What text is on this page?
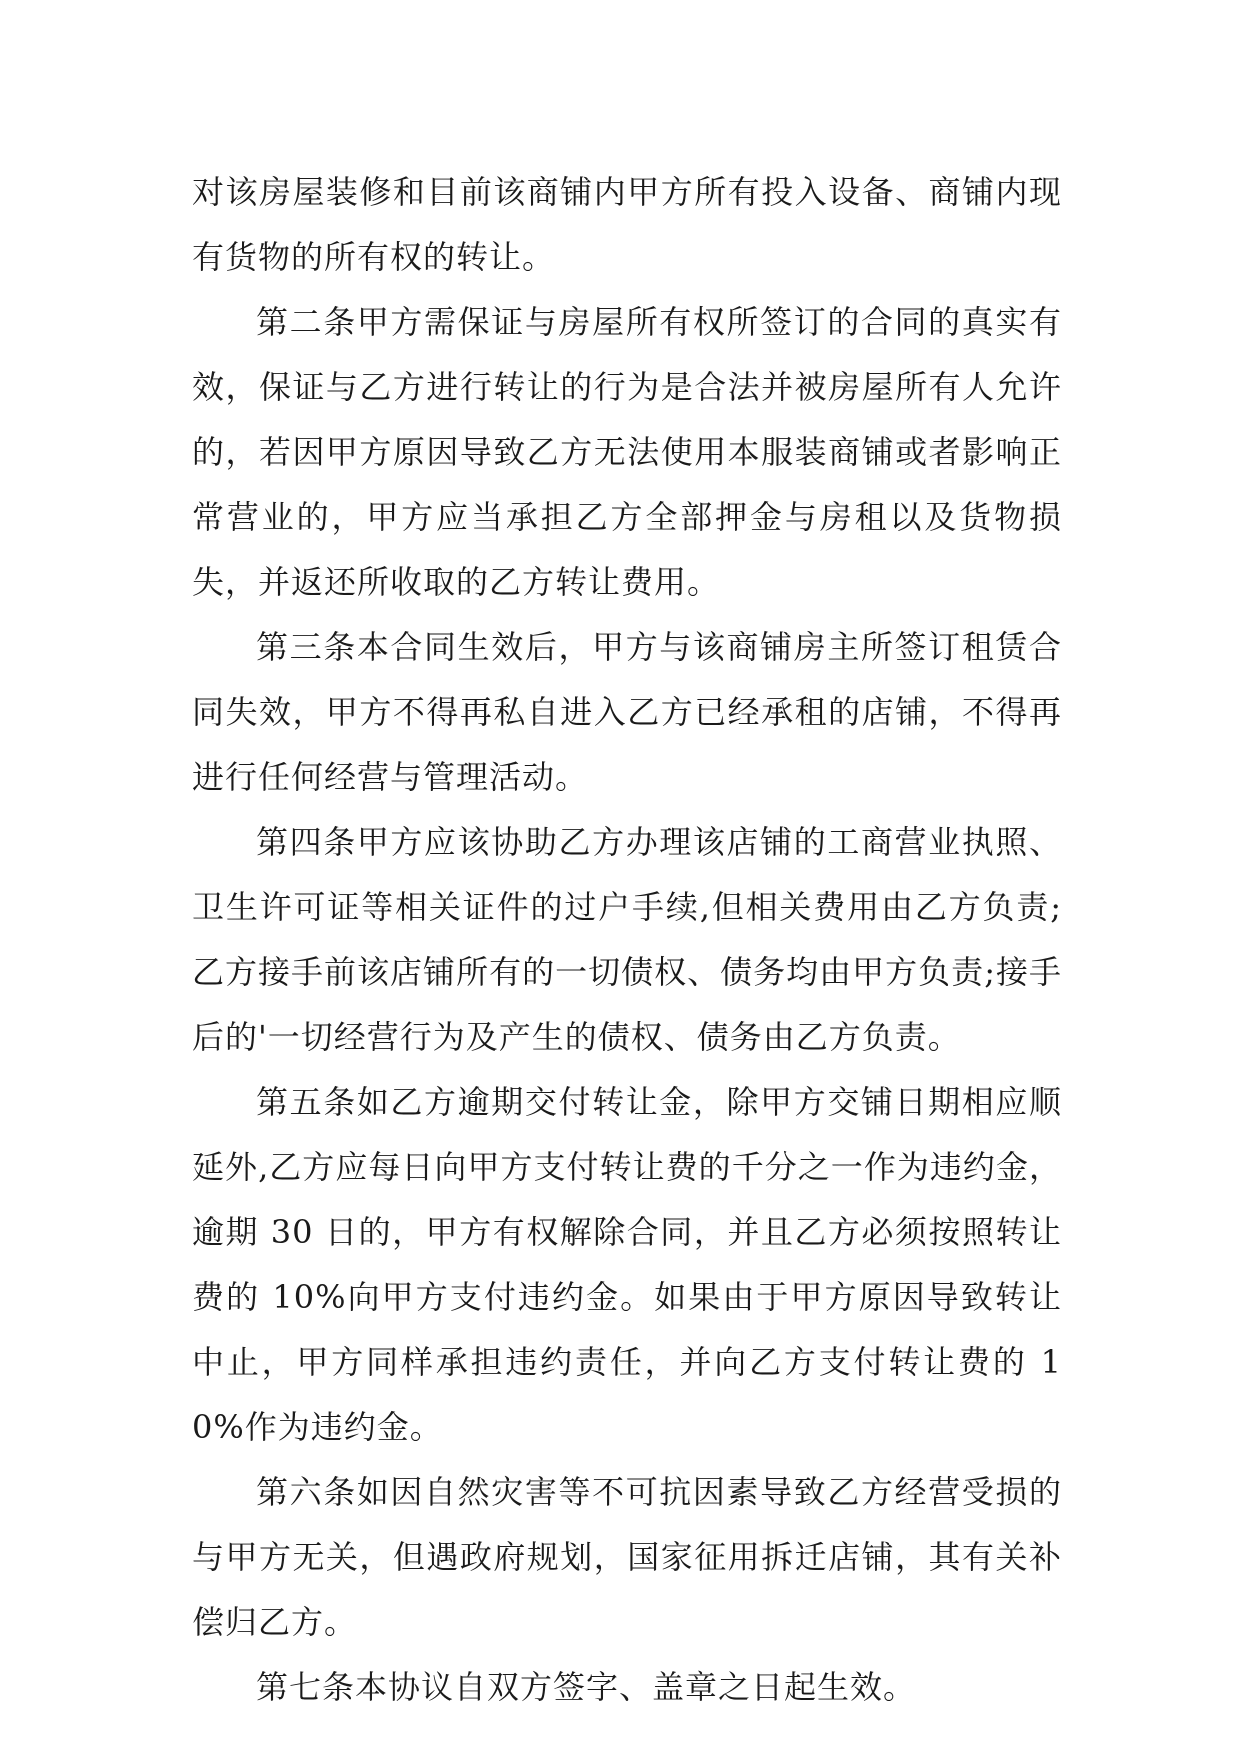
对该房屋装修和目前该商铺内甲方所有投入设备、商铺内现有货物的所有权的转让。

第二条甲方需保证与房屋所有权所签订的合同的真实有效，保证与乙方进行转让的行为是合法并被房屋所有人允许的，若因甲方原因导致乙方无法使用本服装商铺或者影响正常营业的，甲方应当承担乙方全部押金与房租以及货物损失，并返还所收取的乙方转让费用。

第三条本合同生效后，甲方与该商铺房主所签订租赁合同失效，甲方不得再私自进入乙方已经承租的店铺，不得再进行任何经营与管理活动。

第四条甲方应该协助乙方办理该店铺的工商营业执照、卫生许可证等相关证件的过户手续,但相关费用由乙方负责;乙方接手前该店铺所有的一切债权、债务均由甲方负责;接手后的'一切经营行为及产生的债权、债务由乙方负责。

第五条如乙方逾期交付转让金，除甲方交铺日期相应顺延外,乙方应每日向甲方支付转让费的千分之一作为违约金，逾期 30 日的，甲方有权解除合同，并且乙方必须按照转让费的 10%向甲方支付违约金。如果由于甲方原因导致转让中止，甲方同样承担违约责任，并向乙方支付转让费的 10%作为违约金。

第六条如因自然灾害等不可抗因素导致乙方经营受损的与甲方无关，但遇政府规划，国家征用拆迁店铺，其有关补偿归乙方。

第七条本协议自双方签字、盖章之日起生效。
